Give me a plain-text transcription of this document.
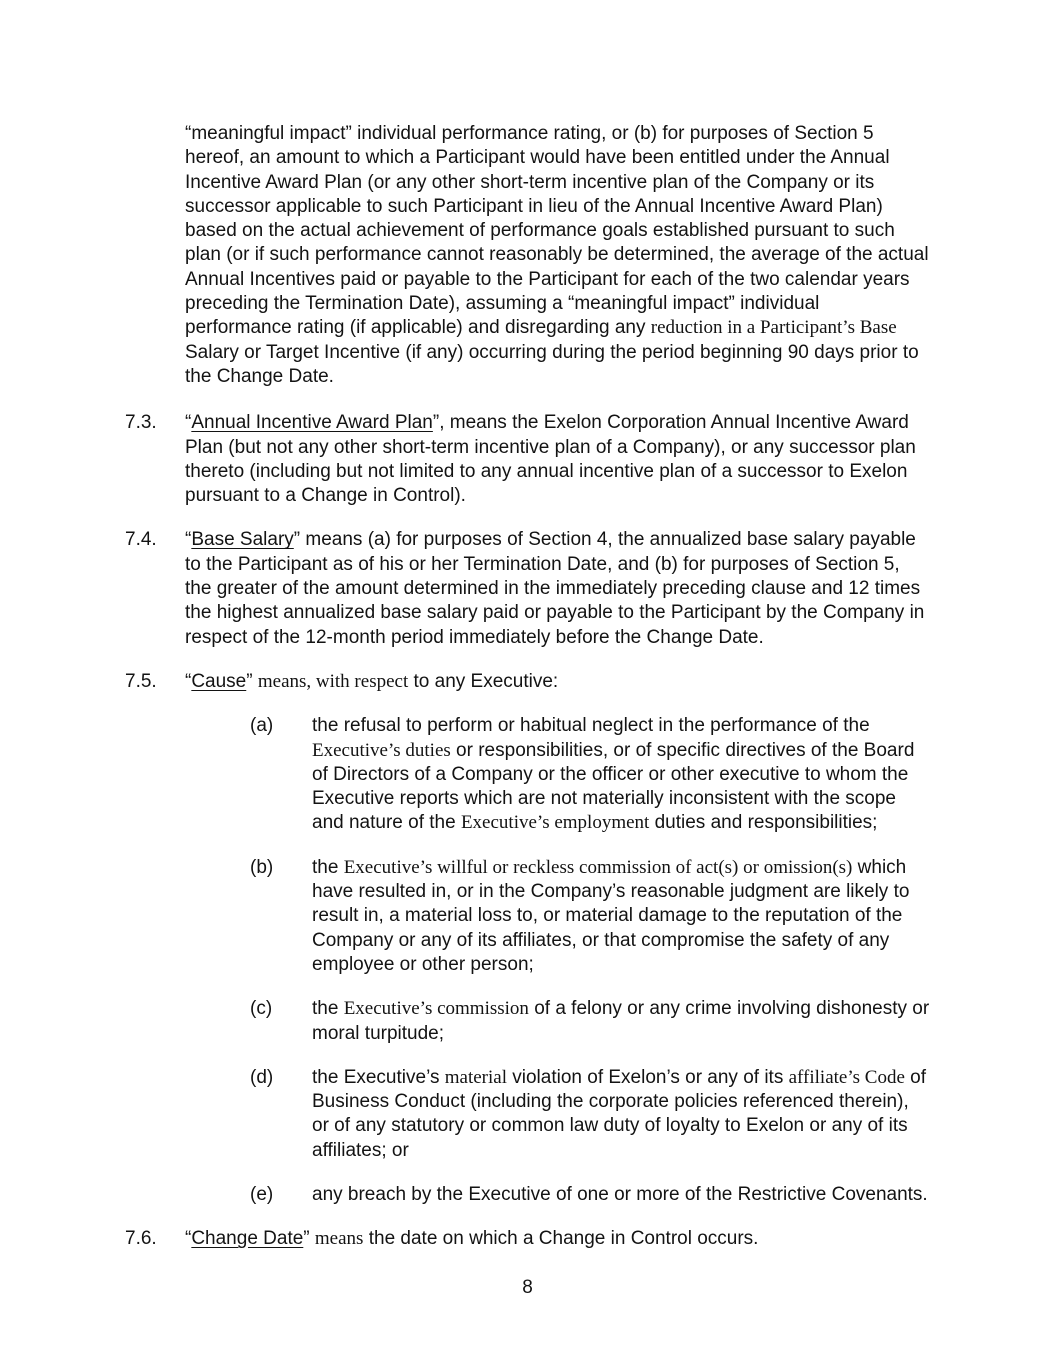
“meaningful impact” individual performance rating, or (b) for purposes of Section 5 hereof, an amount to which a Participant would have been entitled under the Annual Incentive Award Plan (or any other short-term incentive plan of the Company or its successor applicable to such Participant in lieu of the Annual Incentive Award Plan) based on the actual achievement of performance goals established pursuant to such plan (or if such performance cannot reasonably be determined, the average of the actual Annual Incentives paid or payable to the Participant for each of the two calendar years preceding the Termination Date), assuming a “meaningful impact” individual performance rating (if applicable) and disregarding any reduction in a Participant’s Base Salary or Target Incentive (if any) occurring during the period beginning 90 days prior to the Change Date.

7.3.	“Annual Incentive Award Plan”, means the Exelon Corporation Annual Incentive Award Plan (but not any other short-term incentive plan of a Company), or any successor plan thereto (including but not limited to any annual incentive plan of a successor to Exelon pursuant to a Change in Control).

7.4.	“Base Salary” means (a) for purposes of Section 4, the annualized base salary payable to the Participant as of his or her Termination Date, and (b) for purposes of Section 5, the greater of the amount determined in the immediately preceding clause and 12 times the highest annualized base salary paid or payable to the Participant by the Company in respect of the 12-month period immediately before the Change Date.

7.5.	“Cause” means, with respect to any Executive:

(a)	the refusal to perform or habitual neglect in the performance of the Executive’s duties or responsibilities, or of specific directives of the Board of Directors of a Company or the officer or other executive to whom the Executive reports which are not materially inconsistent with the scope and nature of the Executive’s employment duties and responsibilities;

(b)	the Executive’s willful or reckless commission of act(s) or omission(s) which have resulted in, or in the Company’s reasonable judgment are likely to result in, a material loss to, or material damage to the reputation of the Company or any of its affiliates, or that compromise the safety of any employee or other person;

(c)	the Executive’s commission of a felony or any crime involving dishonesty or moral turpitude;

(d)	the Executive’s material violation of Exelon’s or any of its affiliate’s Code of Business Conduct (including the corporate policies referenced therein), or of any statutory or common law duty of loyalty to Exelon or any of its affiliates; or

(e)	any breach by the Executive of one or more of the Restrictive Covenants.

7.6.	“Change Date” means the date on which a Change in Control occurs.

8
